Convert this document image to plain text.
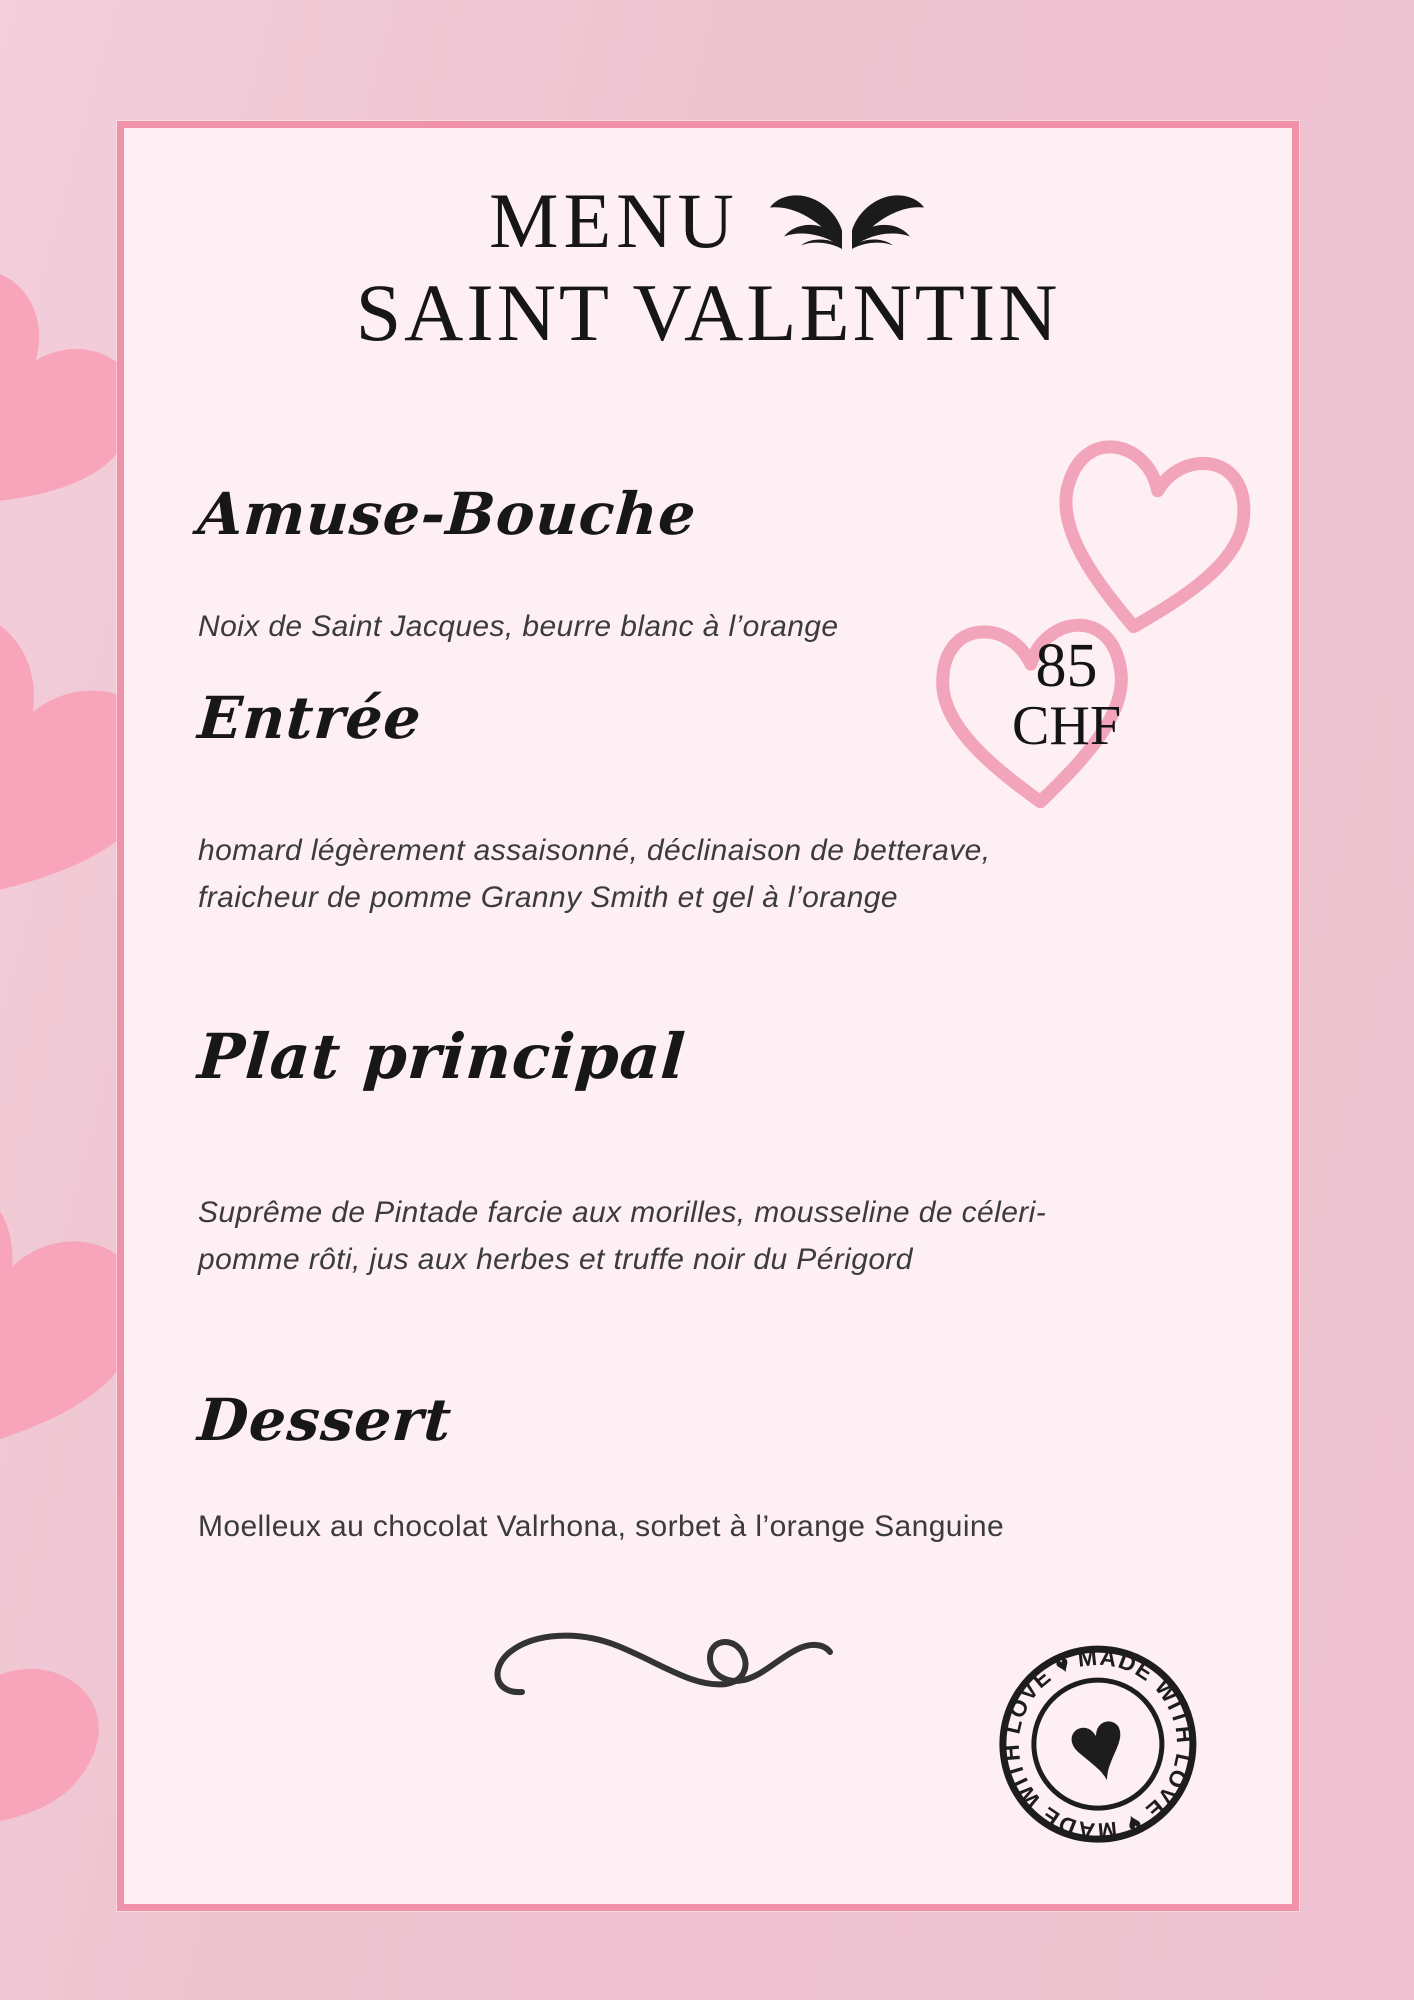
MENU
SAINT VALENTIN
85
CHF
Amuse-Bouche
Noix de Saint Jacques, beurre blanc à l’orange
Entrée
homard légèrement assaisonné, déclinaison de betterave, fraicheur de pomme Granny Smith et gel à l’orange
Plat principal
Suprême de Pintade farcie aux morilles, mousseline de céleri- pomme rôti, jus aux herbes et truffe noir du Périgord
Dessert
Moelleux au chocolat Valrhona, sorbet à l’orange Sanguine
MADE WITH LOVE ♥ MADE WITH LOVE ♥
♥
